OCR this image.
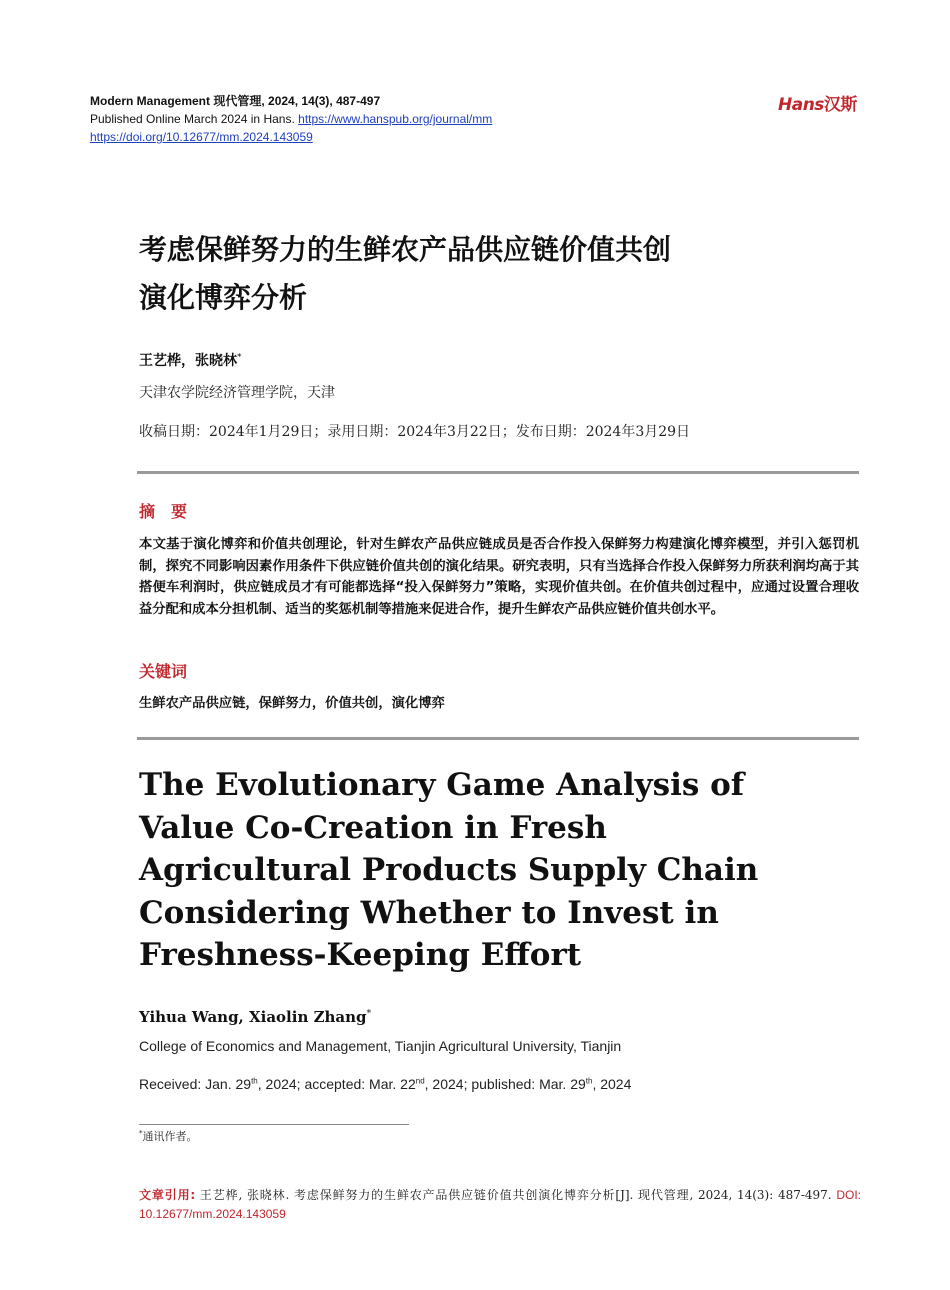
Modern Management 现代管理, 2024, 14(3), 487-497
Published Online March 2024 in Hans. https://www.hanspub.org/journal/mm
https://doi.org/10.12677/mm.2024.143059
Hans汉斯
考虑保鲜努力的生鲜农产品供应链价值共创
演化博弈分析
王艺桦，张晓林*
天津农学院经济管理学院，天津
收稿日期：2024年1月29日；录用日期：2024年3月22日；发布日期：2024年3月29日
摘　要
本文基于演化博弈和价值共创理论，针对生鲜农产品供应链成员是否合作投入保鲜努力构建演化博弈模型，并引入惩罚机制，探究不同影响因素作用条件下供应链价值共创的演化结果。研究表明，只有当选择合作投入保鲜努力所获利润均高于其搭便车利润时，供应链成员才有可能都选择“投入保鲜努力”策略，实现价值共创。在价值共创过程中，应通过设置合理收益分配和成本分担机制、适当的奖惩机制等措施来促进合作，提升生鲜农产品供应链价值共创水平。
关键词
生鲜农产品供应链，保鲜努力，价值共创，演化博弈
The Evolutionary Game Analysis of
Value Co-Creation in Fresh
Agricultural Products Supply Chain
Considering Whether to Invest in
Freshness-Keeping Effort
Yihua Wang, Xiaolin Zhang*
College of Economics and Management, Tianjin Agricultural University, Tianjin
Received: Jan. 29th, 2024; accepted: Mar. 22nd, 2024; published: Mar. 29th, 2024
*通讯作者。
文章引用: 王艺桦, 张晓林. 考虑保鲜努力的生鲜农产品供应链价值共创演化博弈分析[J]. 现代管理, 2024, 14(3): 487-497. DOI: 10.12677/mm.2024.143059
